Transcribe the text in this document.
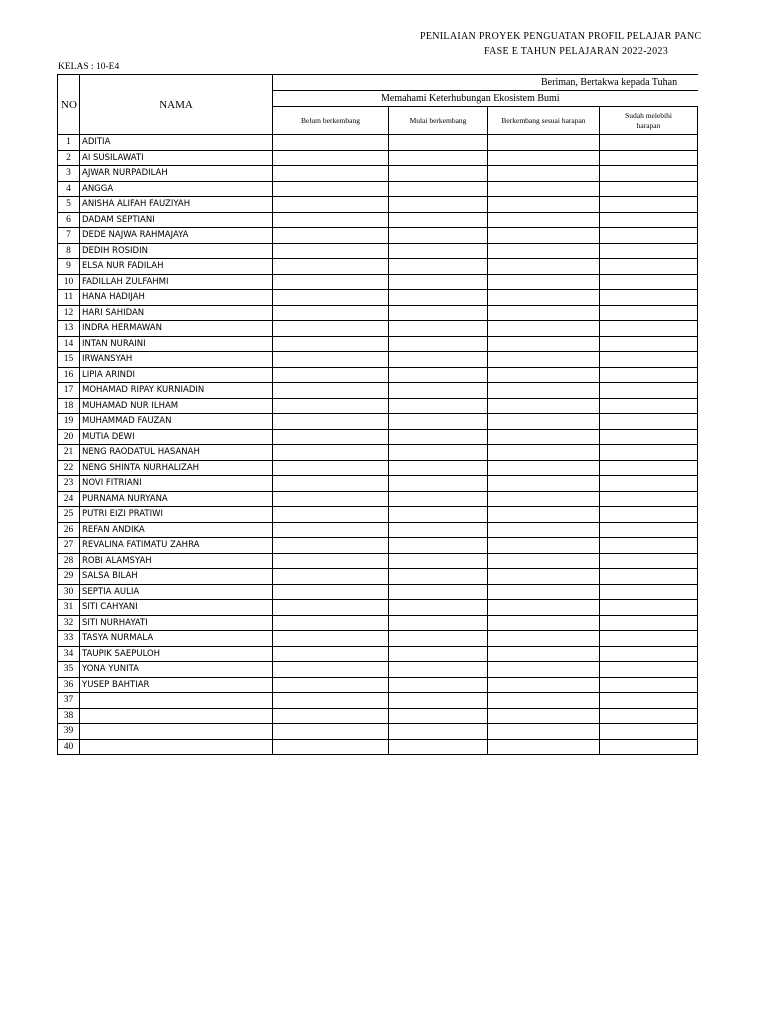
PENILAIAN PROYEK PENGUATAN PROFIL PELAJAR PANC
FASE E TAHUN PELAJARAN 2022-2023
KELAS : 10-E4
NO	NAMA	Beriman, Bertakwa kepada Tuhan				
		Memahami Keterhubungan Ekosistem Bumi				
		Belum berkembang	Mulai berkembang	Berkembang sesuai harapan	Sudah melebihi harapan	
1	ADITIA					
2	AI SUSILAWATI					
3	AJWAR NURPADILAH					
4	ANGGA					
5	ANISHA ALIFAH FAUZIYAH					
6	DADAM SEPTIANI					
7	DEDE NAJWA RAHMAJAYA					
8	DEDIH ROSIDIN					
9	ELSA NUR FADILAH					
10	FADILLAH ZULFAHMI					
11	HANA HADIJAH					
12	HARI SAHIDAN					
13	INDRA HERMAWAN					
14	INTAN NURAINI					
15	IRWANSYAH					
16	LIPIA ARINDI					
17	MOHAMAD RIPAY KURNIADIN					
18	MUHAMAD NUR ILHAM					
19	MUHAMMAD FAUZAN					
20	MUTIA DEWI					
21	NENG RAODATUL HASANAH					
22	NENG SHINTA NURHALIZAH					
23	NOVI FITRIANI					
24	PURNAMA NURYANA					
25	PUTRI EIZI PRATIWI					
26	REFAN ANDIKA					
27	REVALINA FATIMATU ZAHRA					
28	ROBI ALAMSYAH					
29	SALSA BILAH					
30	SEPTIA AULIA					
31	SITI CAHYANI					
32	SITI NURHAYATI					
33	TASYA NURMALA					
34	TAUPIK SAEPULOH					
35	YONA YUNITA					
36	YUSEP BAHTIAR					
37						
38						
39						
40						
